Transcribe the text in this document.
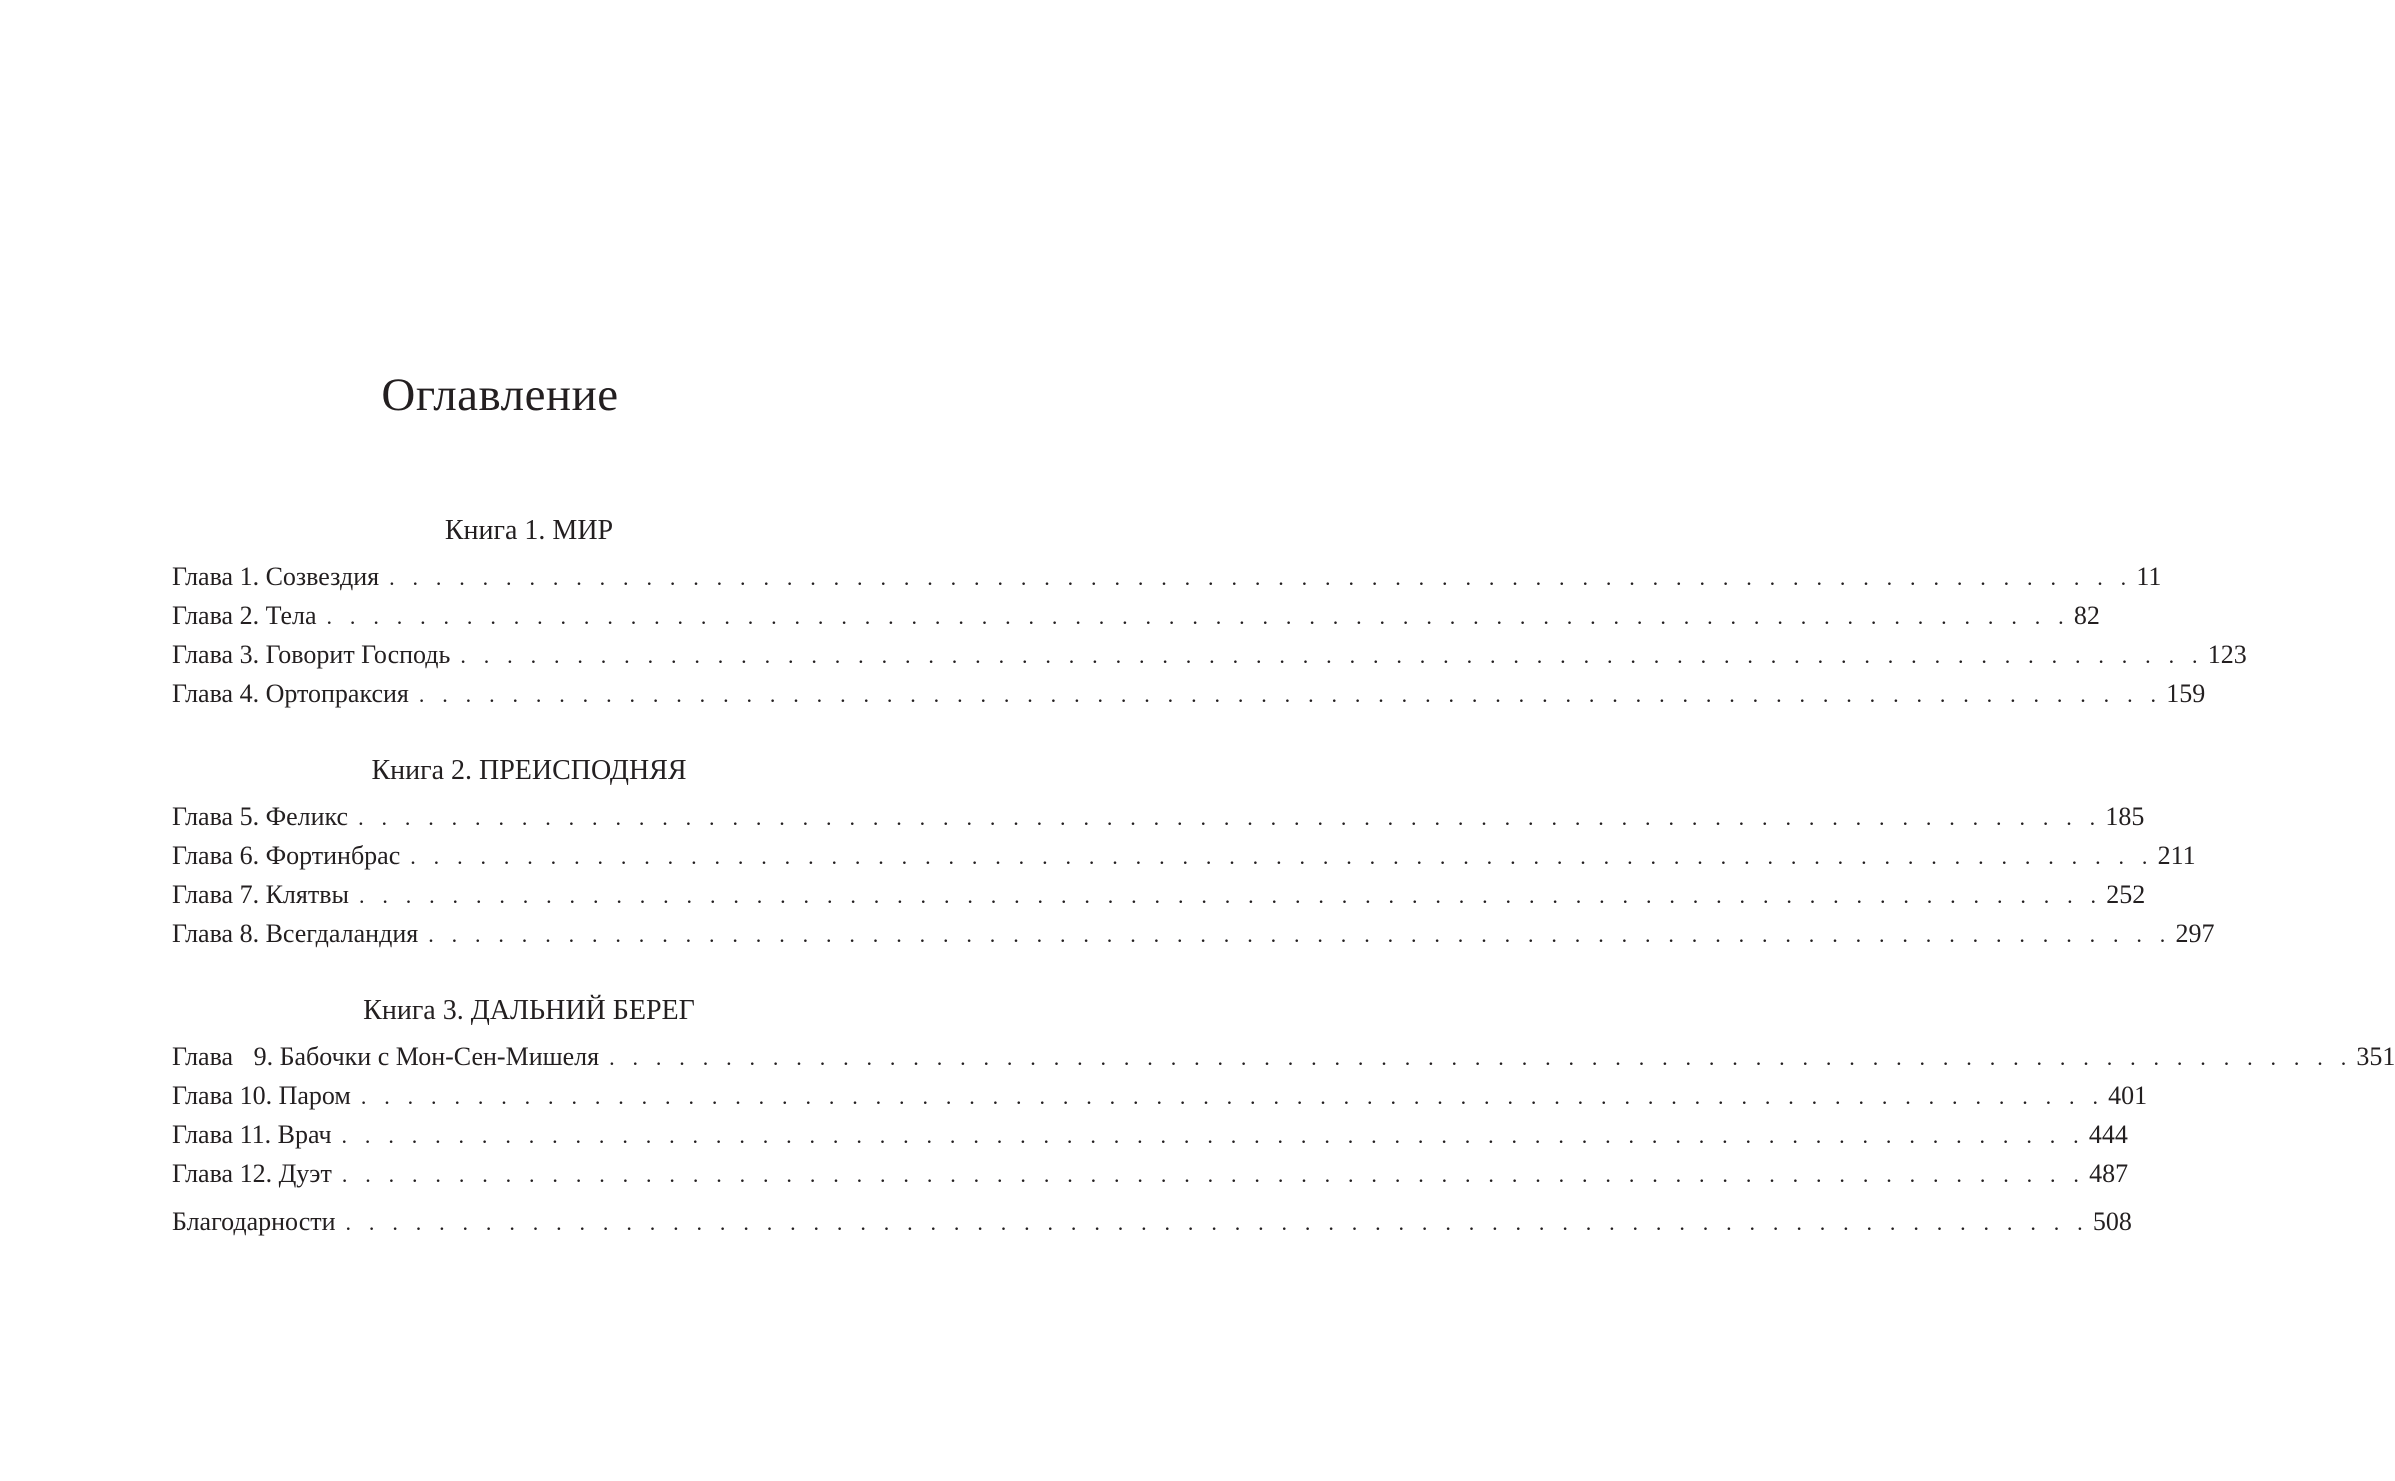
Оглавление
Книга 1. МИР
Глава 1. Созвездия . . . . . . . . . . . . . . . . . . . . . . . . . . . . . . . . . . . . . . . . . . . . . . . . . . . . . . . . . . . . . . . . . . . . . . . . . . . 11
Глава 2. Тела . . . . . . . . . . . . . . . . . . . . . . . . . . . . . . . . . . . . . . . . . . . . . . . . . . . . . . . . . . . . . . . . . . . . . . . . . . . 82
Глава 3. Говорит Господь . . . . . . . . . . . . . . . . . . . . . . . . . . . . . . . . . . . . . . . . . . . . . . . . . . . . . . . . . . . . . . . . . . . . . . . . . . . 123
Глава 4. Ортопраксия . . . . . . . . . . . . . . . . . . . . . . . . . . . . . . . . . . . . . . . . . . . . . . . . . . . . . . . . . . . . . . . . . . . . . . . . . . . 159
Книга 2. ПРЕИСПОДНЯЯ
Глава 5. Феликс . . . . . . . . . . . . . . . . . . . . . . . . . . . . . . . . . . . . . . . . . . . . . . . . . . . . . . . . . . . . . . . . . . . . . . . . . . . 185
Глава 6. Фортинбрас . . . . . . . . . . . . . . . . . . . . . . . . . . . . . . . . . . . . . . . . . . . . . . . . . . . . . . . . . . . . . . . . . . . . . . . . . . . 211
Глава 7. Клятвы . . . . . . . . . . . . . . . . . . . . . . . . . . . . . . . . . . . . . . . . . . . . . . . . . . . . . . . . . . . . . . . . . . . . . . . . . . . 252
Глава 8. Всегдаландия . . . . . . . . . . . . . . . . . . . . . . . . . . . . . . . . . . . . . . . . . . . . . . . . . . . . . . . . . . . . . . . . . . . . . . . . . . . 297
Книга 3. ДАЛЬНИЙ БЕРЕГ
Глава 9. Бабочки с Мон-Сен-Мишеля . . . . . . . . . . . . . . . . . . . . . . . . . . . . . . . . . . . . . . . . . . . . . . . . . . . . . . . . . . . . . . . . . . . . . . . . . . . 351
Глава 10. Паром . . . . . . . . . . . . . . . . . . . . . . . . . . . . . . . . . . . . . . . . . . . . . . . . . . . . . . . . . . . . . . . . . . . . . . . . . . . 401
Глава 11. Врач . . . . . . . . . . . . . . . . . . . . . . . . . . . . . . . . . . . . . . . . . . . . . . . . . . . . . . . . . . . . . . . . . . . . . . . . . . . 444
Глава 12. Дуэт . . . . . . . . . . . . . . . . . . . . . . . . . . . . . . . . . . . . . . . . . . . . . . . . . . . . . . . . . . . . . . . . . . . . . . . . . . . 487
Благодарности . . . . . . . . . . . . . . . . . . . . . . . . . . . . . . . . . . . . . . . . . . . . . . . . . . . . . . . . . . . . . . . . . . . . . . . . . . . 508
